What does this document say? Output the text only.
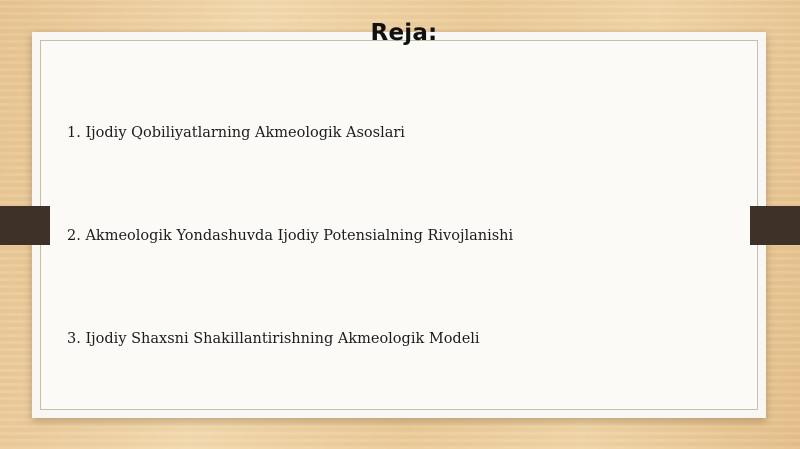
Reja:
1. Ijodiy Qobiliyatlarning Akmeologik Asoslari
2. Akmeologik Yondashuvda Ijodiy Potensialning Rivojlanishi
3. Ijodiy Shaxsni Shakillantirishning Akmeologik Modeli
